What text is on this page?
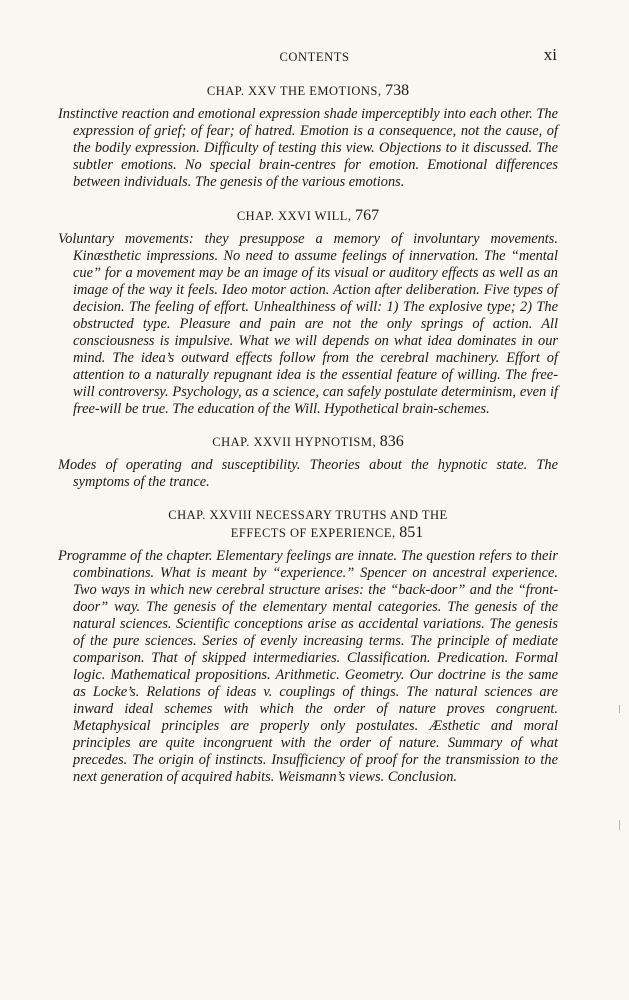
CONTENTS	xi
CHAP. XXV THE EMOTIONS, 738

Instinctive reaction and emotional expression shade imperceptibly into each other. The expression of grief; of fear; of hatred. Emotion is a consequence, not the cause, of the bodily expression. Difficulty of testing this view. Objections to it discussed. The subtler emotions. No special brain-centres for emotion. Emotional differences between individuals. The genesis of the various emotions.

CHAP. XXVI WILL, 767

Voluntary movements: they presuppose a memory of involuntary movements. Kinæsthetic impressions. No need to assume feelings of innervation. The “mental cue” for a movement may be an image of its visual or auditory effects as well as an image of the way it feels. Ideo motor action. Action after deliberation. Five types of decision. The feeling of effort. Unhealthiness of will: 1) The explosive type; 2) The obstructed type. Pleasure and pain are not the only springs of action. All consciousness is impulsive. What we will depends on what idea dominates in our mind. The idea’s outward effects follow from the cerebral machinery. Effort of attention to a naturally repugnant idea is the essential feature of willing. The free-will controversy. Psychology, as a science, can safely postulate determinism, even if free-will be true. The education of the Will. Hypothetical brain-schemes.

CHAP. XXVII HYPNOTISM, 836

Modes of operating and susceptibility. Theories about the hypnotic state. The symptoms of the trance.

CHAP. XXVIII NECESSARY TRUTHS AND THE
EFFECTS OF EXPERIENCE, 851

Programme of the chapter. Elementary feelings are innate. The question refers to their combinations. What is meant by “experience.” Spencer on ancestral experience. Two ways in which new cerebral structure arises: the “back-door” and the “front-door” way. The genesis of the elementary mental categories. The genesis of the natural sciences. Scientific conceptions arise as accidental variations. The genesis of the pure sciences. Series of evenly increasing terms. The principle of mediate comparison. That of skipped intermediaries. Classification. Predication. Formal logic. Mathematical propositions. Arithmetic. Geometry. Our doctrine is the same as Locke’s. Relations of ideas v. couplings of things. The natural sciences are inward ideal schemes with which the order of nature proves congruent. Metaphysical principles are properly only postulates. Æsthetic and moral principles are quite incongruent with the order of nature. Summary of what precedes. The origin of instincts. Insufficiency of proof for the transmission to the next generation of acquired habits. Weismann’s views. Conclusion.
